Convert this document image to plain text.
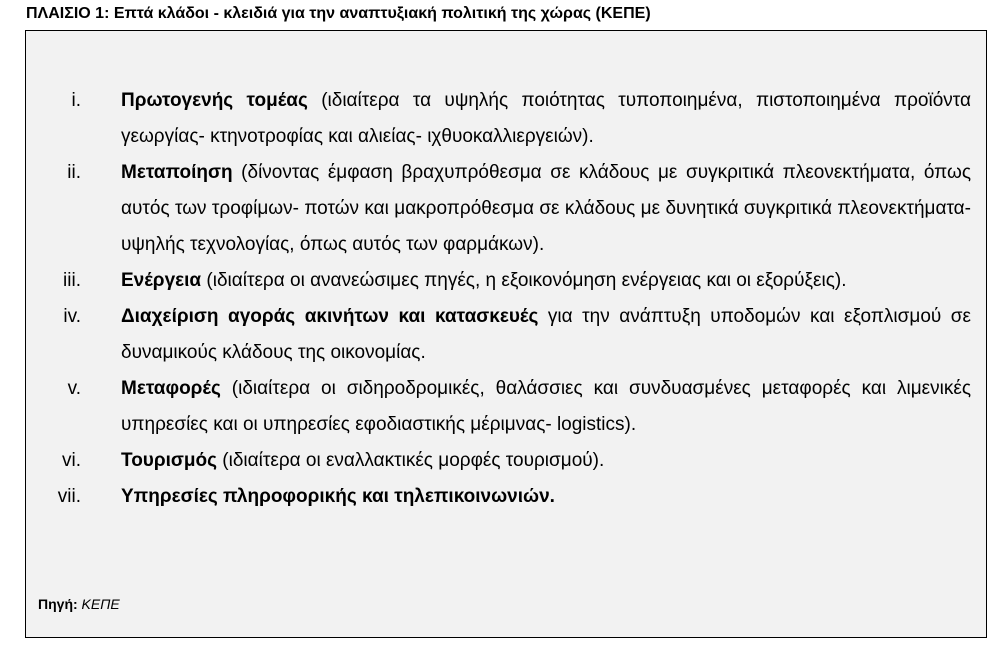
ΠΛΑΙΣΙΟ 1: Επτά κλάδοι - κλειδιά για την αναπτυξιακή πολιτική της χώρας (ΚΕΠΕ)
i. Πρωτογενής τομέας (ιδιαίτερα τα υψηλής ποιότητας τυποποιημένα, πιστοποιημένα προϊόντα γεωργίας- κτηνοτροφίας και αλιείας- ιχθυοκαλλιεργειών).
ii. Μεταποίηση (δίνοντας έμφαση βραχυπρόθεσμα σε κλάδους με συγκριτικά πλεονεκτήματα, όπως αυτός των τροφίμων- ποτών και μακροπρόθεσμα σε κλάδους με δυνητικά συγκριτικά πλεονεκτήματα- υψηλής τεχνολογίας, όπως αυτός των φαρμάκων).
iii. Ενέργεια (ιδιαίτερα οι ανανεώσιμες πηγές, η εξοικονόμηση ενέργειας και οι εξορύξεις).
iv. Διαχείριση αγοράς ακινήτων και κατασκευές για την ανάπτυξη υποδομών και εξοπλισμού σε δυναμικούς κλάδους της οικονομίας.
v. Μεταφορές (ιδιαίτερα οι σιδηροδρομικές, θαλάσσιες και συνδυασμένες μεταφορές και λιμενικές υπηρεσίες και οι υπηρεσίες εφοδιαστικής μέριμνας- logistics).
vi. Τουρισμός (ιδιαίτερα οι εναλλακτικές μορφές τουρισμού).
vii. Υπηρεσίες πληροφορικής και τηλεπικοινωνιών.
Πηγή: ΚΕΠΕ
